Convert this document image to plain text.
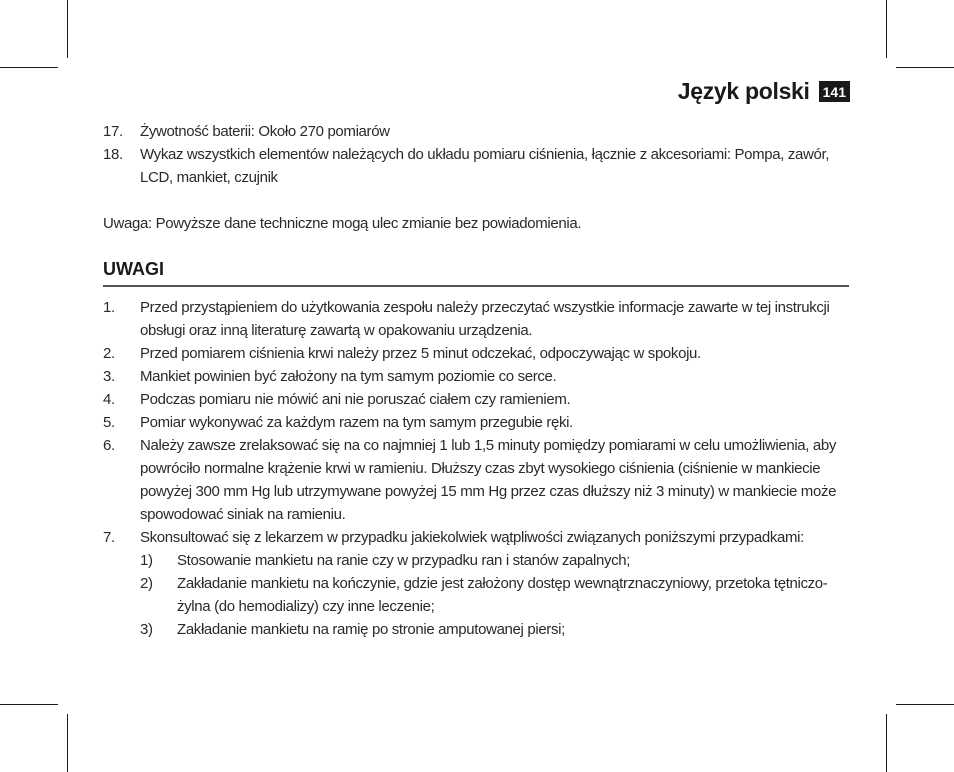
Język polski 141
17. Żywotność baterii: Około 270 pomiarów
18. Wykaz wszystkich elementów należących do układu pomiaru ciśnienia, łącznie z akcesoriami: Pompa, zawór, LCD, mankiet, czujnik
Uwaga: Powyższe dane techniczne mogą ulec zmianie bez powiadomienia.
UWAGI
1. Przed przystąpieniem do użytkowania zespołu należy przeczytać wszystkie informacje zawarte w tej instrukcji obsługi oraz inną literaturę zawartą w opakowaniu urządzenia.
2. Przed pomiarem ciśnienia krwi należy przez 5 minut odczekać, odpoczywając w spokoju.
3. Mankiet powinien być założony na tym samym poziomie co serce.
4. Podczas pomiaru nie mówić ani nie poruszać ciałem czy ramieniem.
5. Pomiar wykonywać za każdym razem na tym samym przegubie ręki.
6. Należy zawsze zrelaksować się na co najmniej 1 lub 1,5 minuty pomiędzy pomiarami w celu umożliwienia, aby powróciło normalne krążenie krwi w ramieniu. Dłuższy czas zbyt wysokiego ciśnienia (ciśnienie w mankiecie powyżej 300 mm Hg lub utrzymywane powyżej 15 mm Hg przez czas dłuższy niż 3 minuty) w mankiecie może spowodować siniak na ramieniu.
7. Skonsultować się z lekarzem w przypadku jakiekolwiek wątpliwości związanych poniższymi przypadkami:
1) Stosowanie mankietu na ranie czy w przypadku ran i stanów zapalnych;
2) Zakładanie mankietu na kończynie, gdzie jest założony dostęp wewnątrznaczyniowy, przetoka tętniczo-żylna (do hemodializy) czy inne leczenie;
3) Zakładanie mankietu na ramię po stronie amputowanej piersi;
